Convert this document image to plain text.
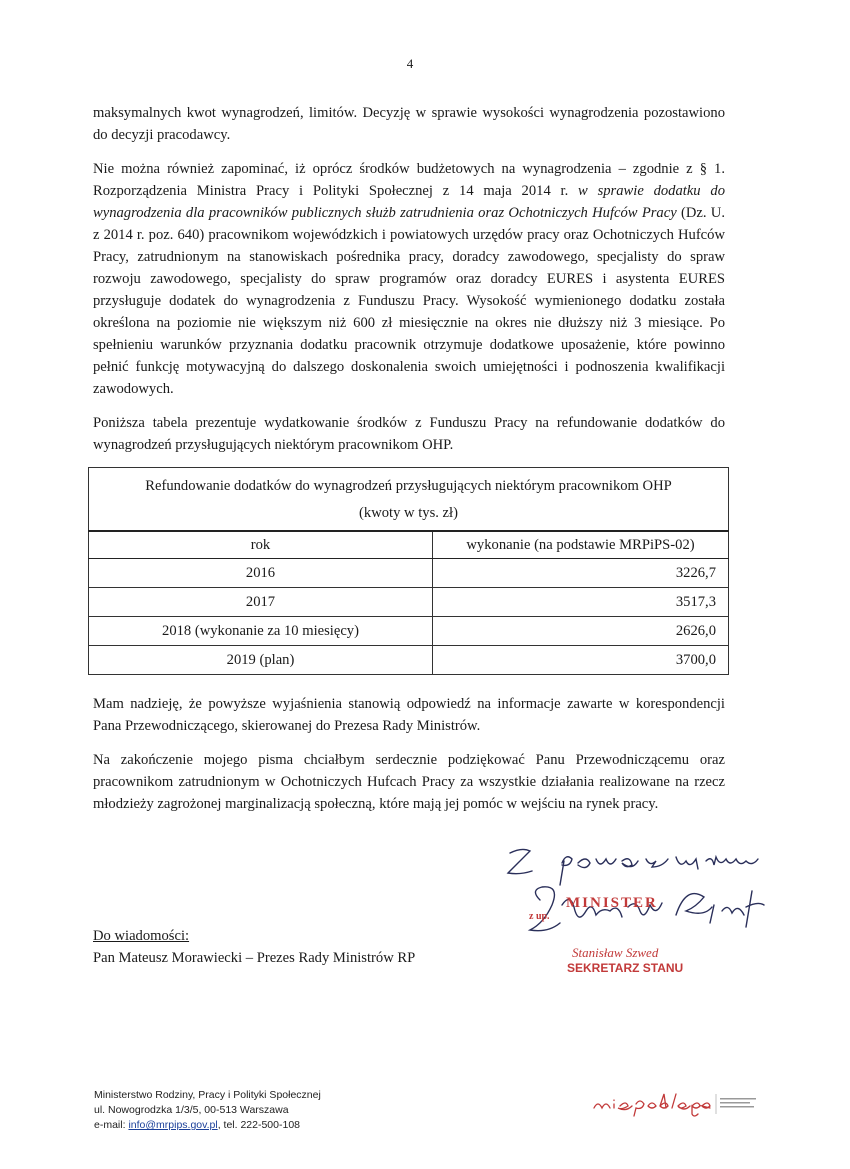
4

maksymalnych kwot wynagrodzeń, limitów. Decyzję w sprawie wysokości wynagrodzenia pozostawiono do decyzji pracodawcy.

Nie można również zapominać, iż oprócz środków budżetowych na wynagrodzenia – zgodnie z § 1. Rozporządzenia Ministra Pracy i Polityki Społecznej z 14 maja 2014 r. w sprawie dodatku do wynagrodzenia dla pracowników publicznych służb zatrudnienia oraz Ochotniczych Hufców Pracy (Dz. U. z 2014 r. poz. 640) pracownikom wojewódzkich i powiatowych urzędów pracy oraz Ochotniczych Hufców Pracy, zatrudnionym na stanowiskach pośrednika pracy, doradcy zawodowego, specjalisty do spraw rozwoju zawodowego, specjalisty do spraw programów oraz doradcy EURES i asystenta EURES przysługuje dodatek do wynagrodzenia z Funduszu Pracy. Wysokość wymienionego dodatku została określona na poziomie nie większym niż 600 zł miesięcznie na okres nie dłuższy niż 3 miesiące. Po spełnieniu warunków przyznania dodatku pracownik otrzymuje dodatkowe uposażenie, które powinno pełnić funkcję motywacyjną do dalszego doskonalenia swoich umiejętności i podnoszenia kwalifikacji zawodowych.

Poniższa tabela prezentuje wydatkowanie środków z Funduszu Pracy na refundowanie dodatków do wynagrodzeń przysługujących niektórym pracownikom OHP.

Refundowanie dodatków do wynagrodzeń przysługujących niektórym pracownikom OHP
(kwoty w tys. zł)	

rok	wykonanie (na podstawie MRPiPS-02)
2016	3226,7
2017	3517,3
2018 (wykonanie za 10 miesięcy)	2626,0
2019 (plan)	3700,0

Mam nadzieję, że powyższe wyjaśnienia stanowią odpowiedź na informacje zawarte w korespondencji Pana Przewodniczącego, skierowanej do Prezesa Rady Ministrów.

Na zakończenie mojego pisma chciałbym serdecznie podziękować Panu Przewodniczącemu oraz pracownikom zatrudnionym w Ochotniczych Hufcach Pracy za wszystkie działania realizowane na rzecz młodzieży zagrożonej marginalizacją społeczną, które mają jej pomóc w wejściu na rynek pracy.

MINISTER
z up.
Stanisław Szwed
SEKRETARZ STANU
Do wiadomości:
Pan Mateusz Morawiecki – Prezes Rady Ministrów RP
Ministerstwo Rodziny, Pracy i Polityki Społecznej
ul. Nowogrodzka 1/3/5, 00-513 Warszawa
e-mail: info@mrpips.gov.pl, tel. 222-500-108
